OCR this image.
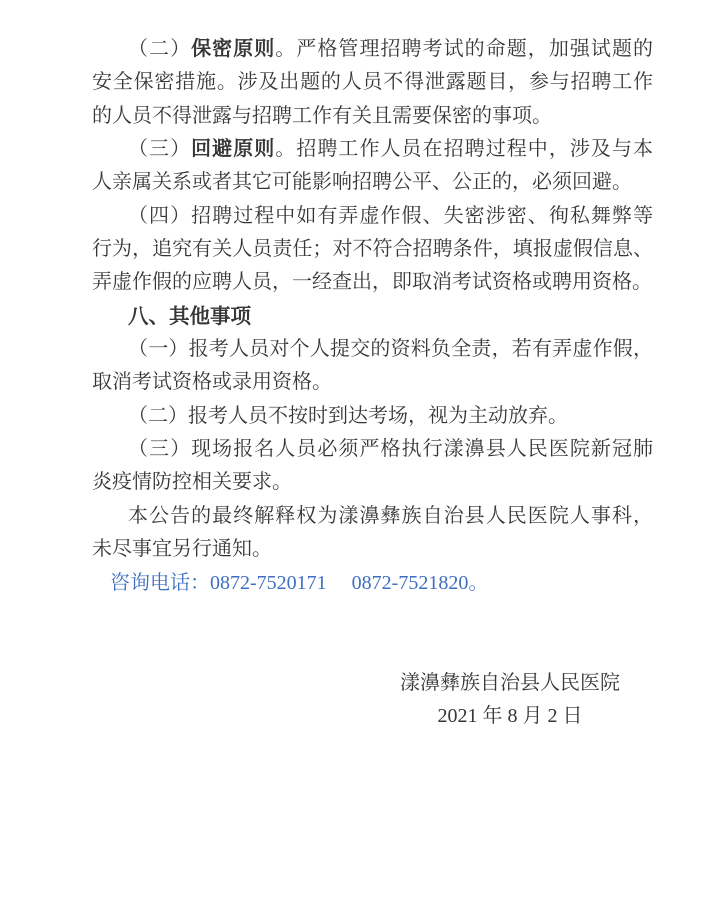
（二）保密原则。严格管理招聘考试的命题，加强试题的
安全保密措施。涉及出题的人员不得泄露题目，参与招聘工作
的人员不得泄露与招聘工作有关且需要保密的事项。
（三）回避原则。招聘工作人员在招聘过程中，涉及与本
人亲属关系或者其它可能影响招聘公平、公正的，必须回避。
（四）招聘过程中如有弄虚作假、失密涉密、徇私舞弊等
行为，追究有关人员责任；对不符合招聘条件，填报虚假信息、
弄虚作假的应聘人员，一经查出，即取消考试资格或聘用资格。
八、其他事项
（一）报考人员对个人提交的资料负全责，若有弄虚作假，
取消考试资格或录用资格。
（二）报考人员不按时到达考场，视为主动放弃。
（三）现场报名人员必须严格执行漾濞县人民医院新冠肺
炎疫情防控相关要求。
本公告的最终解释权为漾濞彝族自治县人民医院人事科，
未尽事宜另行通知。
咨询电话：0872-7520171　 0872-7521820。
漾濞彝族自治县人民医院
2021 年 8 月 2 日
